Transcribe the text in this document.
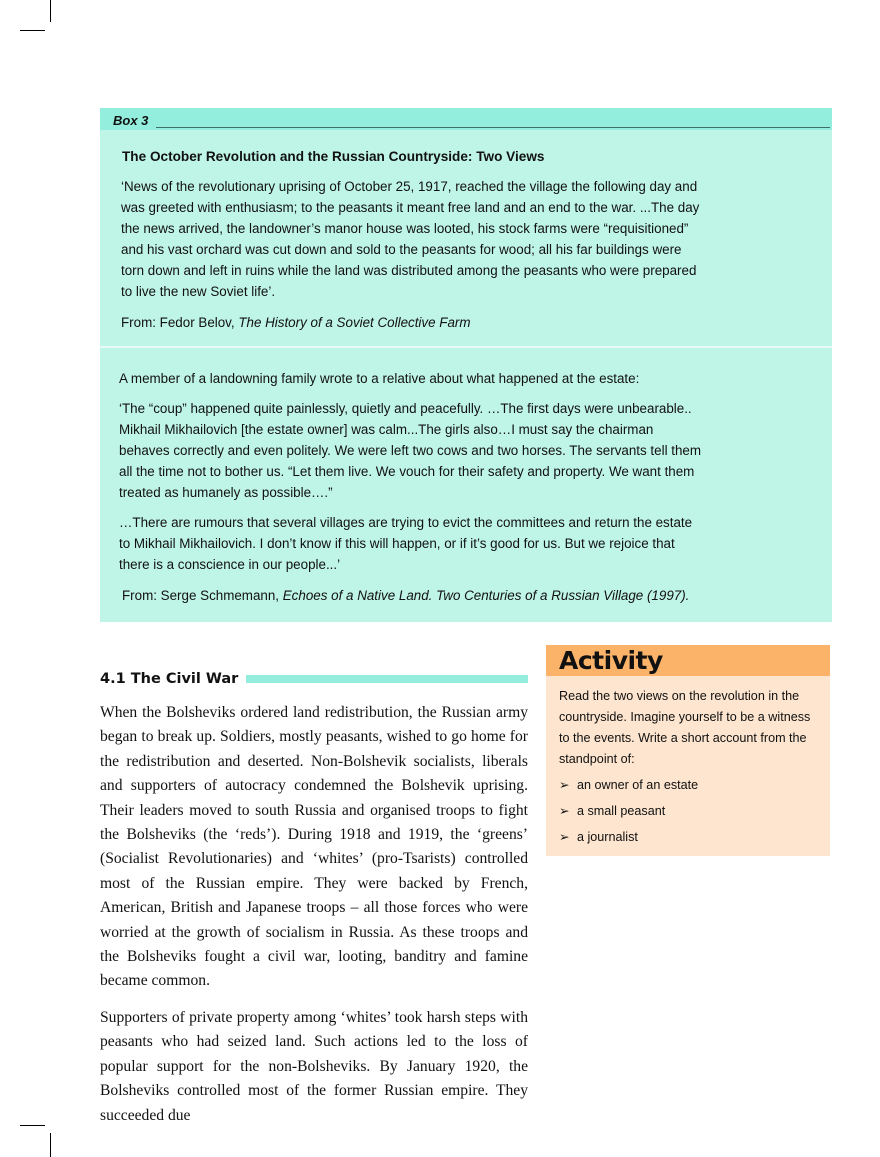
Box 3
The October Revolution and the Russian Countryside: Two Views
‘News of the revolutionary uprising of October 25, 1917, reached the village the following day and
was greeted with enthusiasm; to the peasants it meant free land and an end to the war. ...The day
the news arrived, the landowner’s manor house was looted, his stock farms were “requisitioned”
and his vast orchard was cut down and sold to the peasants for wood; all his far buildings were
torn down and left in ruins while the land was distributed among the peasants who were prepared
to live the new Soviet life’.
From: Fedor Belov, The History of a Soviet Collective Farm
A member of a landowning family wrote to a relative about what happened at the estate:
‘The “coup” happened quite painlessly, quietly and peacefully. …The first days were unbearable..
Mikhail Mikhailovich [the estate owner] was calm...The girls also…I must say the chairman
behaves correctly and even politely. We were left two cows and two horses. The servants tell them
all the time not to bother us. “Let them live. We vouch for their safety and property. We want them
treated as humanely as possible….”
…There are rumours that several villages are trying to evict the committees and return the estate
to Mikhail Mikhailovich. I don’t know if this will happen, or if it’s good for us. But we rejoice that
there is a conscience in our people...’
From: Serge Schmemann, Echoes of a Native Land. Two Centuries of a Russian Village (1997).
4.1 The Civil War
When the Bolsheviks ordered land redistribution, the Russian army began to break up. Soldiers, mostly peasants, wished to go home for the redistribution and deserted. Non-Bolshevik socialists, liberals and supporters of autocracy condemned the Bolshevik uprising. Their leaders moved to south Russia and organised troops to fight the Bolsheviks (the ‘reds’). During 1918 and 1919, the ‘greens’ (Socialist Revolutionaries) and ‘whites’ (pro-Tsarists) controlled most of the Russian empire. They were backed by French, American, British and Japanese troops – all those forces who were worried at the growth of socialism in Russia. As these troops and the Bolsheviks fought a civil war, looting, banditry and famine became common.
Supporters of private property among ‘whites’ took harsh steps with peasants who had seized land. Such actions led to the loss of popular support for the non-Bolsheviks. By January 1920, the Bolsheviks controlled most of the former Russian empire. They succeeded due
Activity
Read the two views on the revolution in the countryside. Imagine yourself to be a witness to the events. Write a short account from the standpoint of:
➢ an owner of an estate
➢ a small peasant
➢ a journalist
